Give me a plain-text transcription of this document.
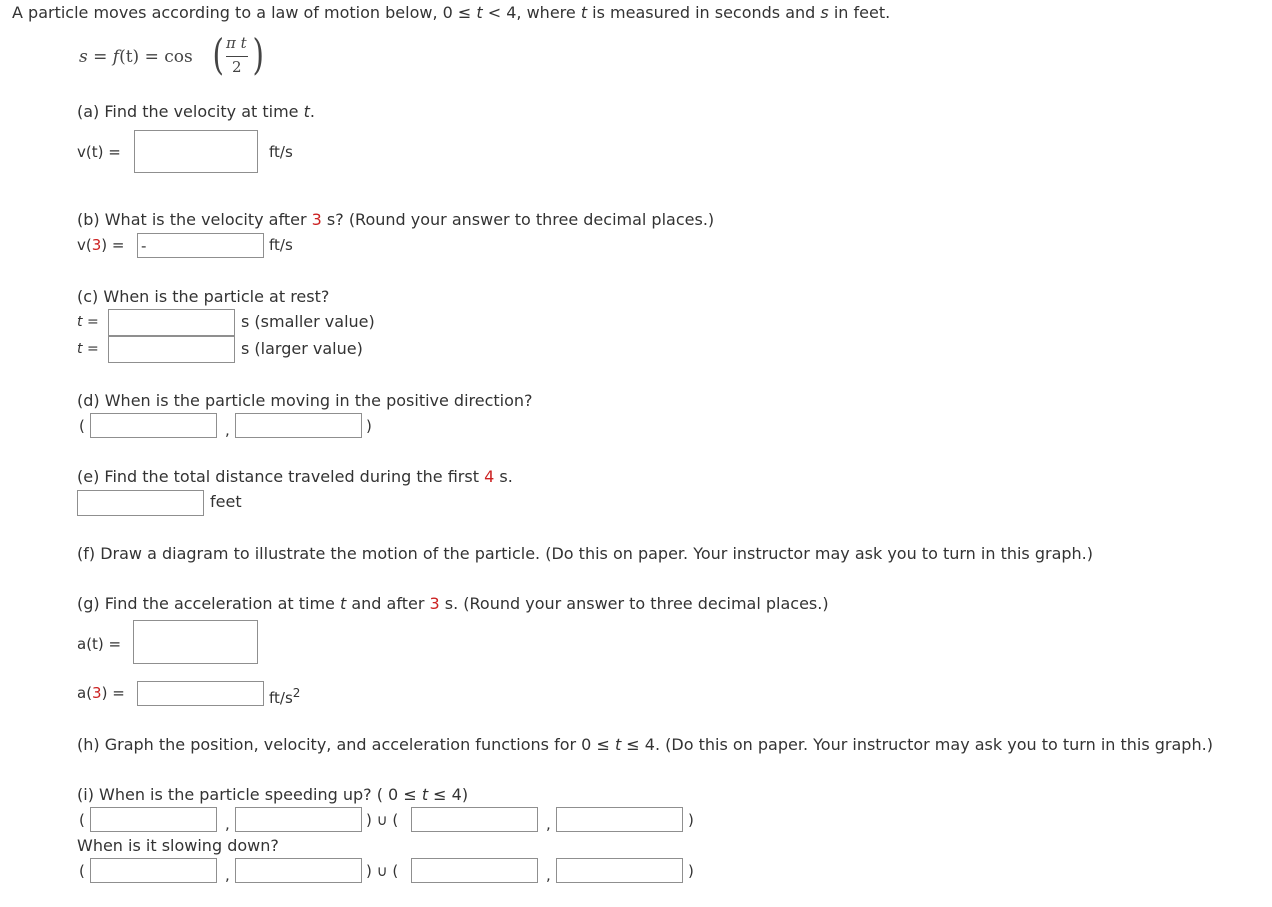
A particle moves according to a law of motion below, 0 ≤ t < 4, where t is measured in seconds and s in feet.
s = f(t) = cos ( π t
2 )
(a) Find the velocity at time t.
v(t) =	ft/s
(b) What is the velocity after 3 s? (Round your answer to three decimal places.)
v(3) =
-	ft/s
(c) When is the particle at rest?
t =	s (smaller value)
t =	s (larger value)
(d) When is the particle moving in the positive direction?
(	,	)
(e) Find the total distance traveled during the first 4 s.
feet
(f) Draw a diagram to illustrate the motion of the particle. (Do this on paper. Your instructor may ask you to turn in this graph.)
(g) Find the acceleration at time t and after 3 s. (Round your answer to three decimal places.)
a(t) =
a(3) =	$ft/s^2$
(h) Graph the position, velocity, and acceleration functions for 0 ≤ t ≤ 4. (Do this on paper. Your instructor may ask you to turn in this graph.)
(i) When is the particle speeding up? ( 0 ≤ t ≤ 4)
(	,	) ∪ (	,	)
When is it slowing down?
(	,	) ∪ (	,	)
